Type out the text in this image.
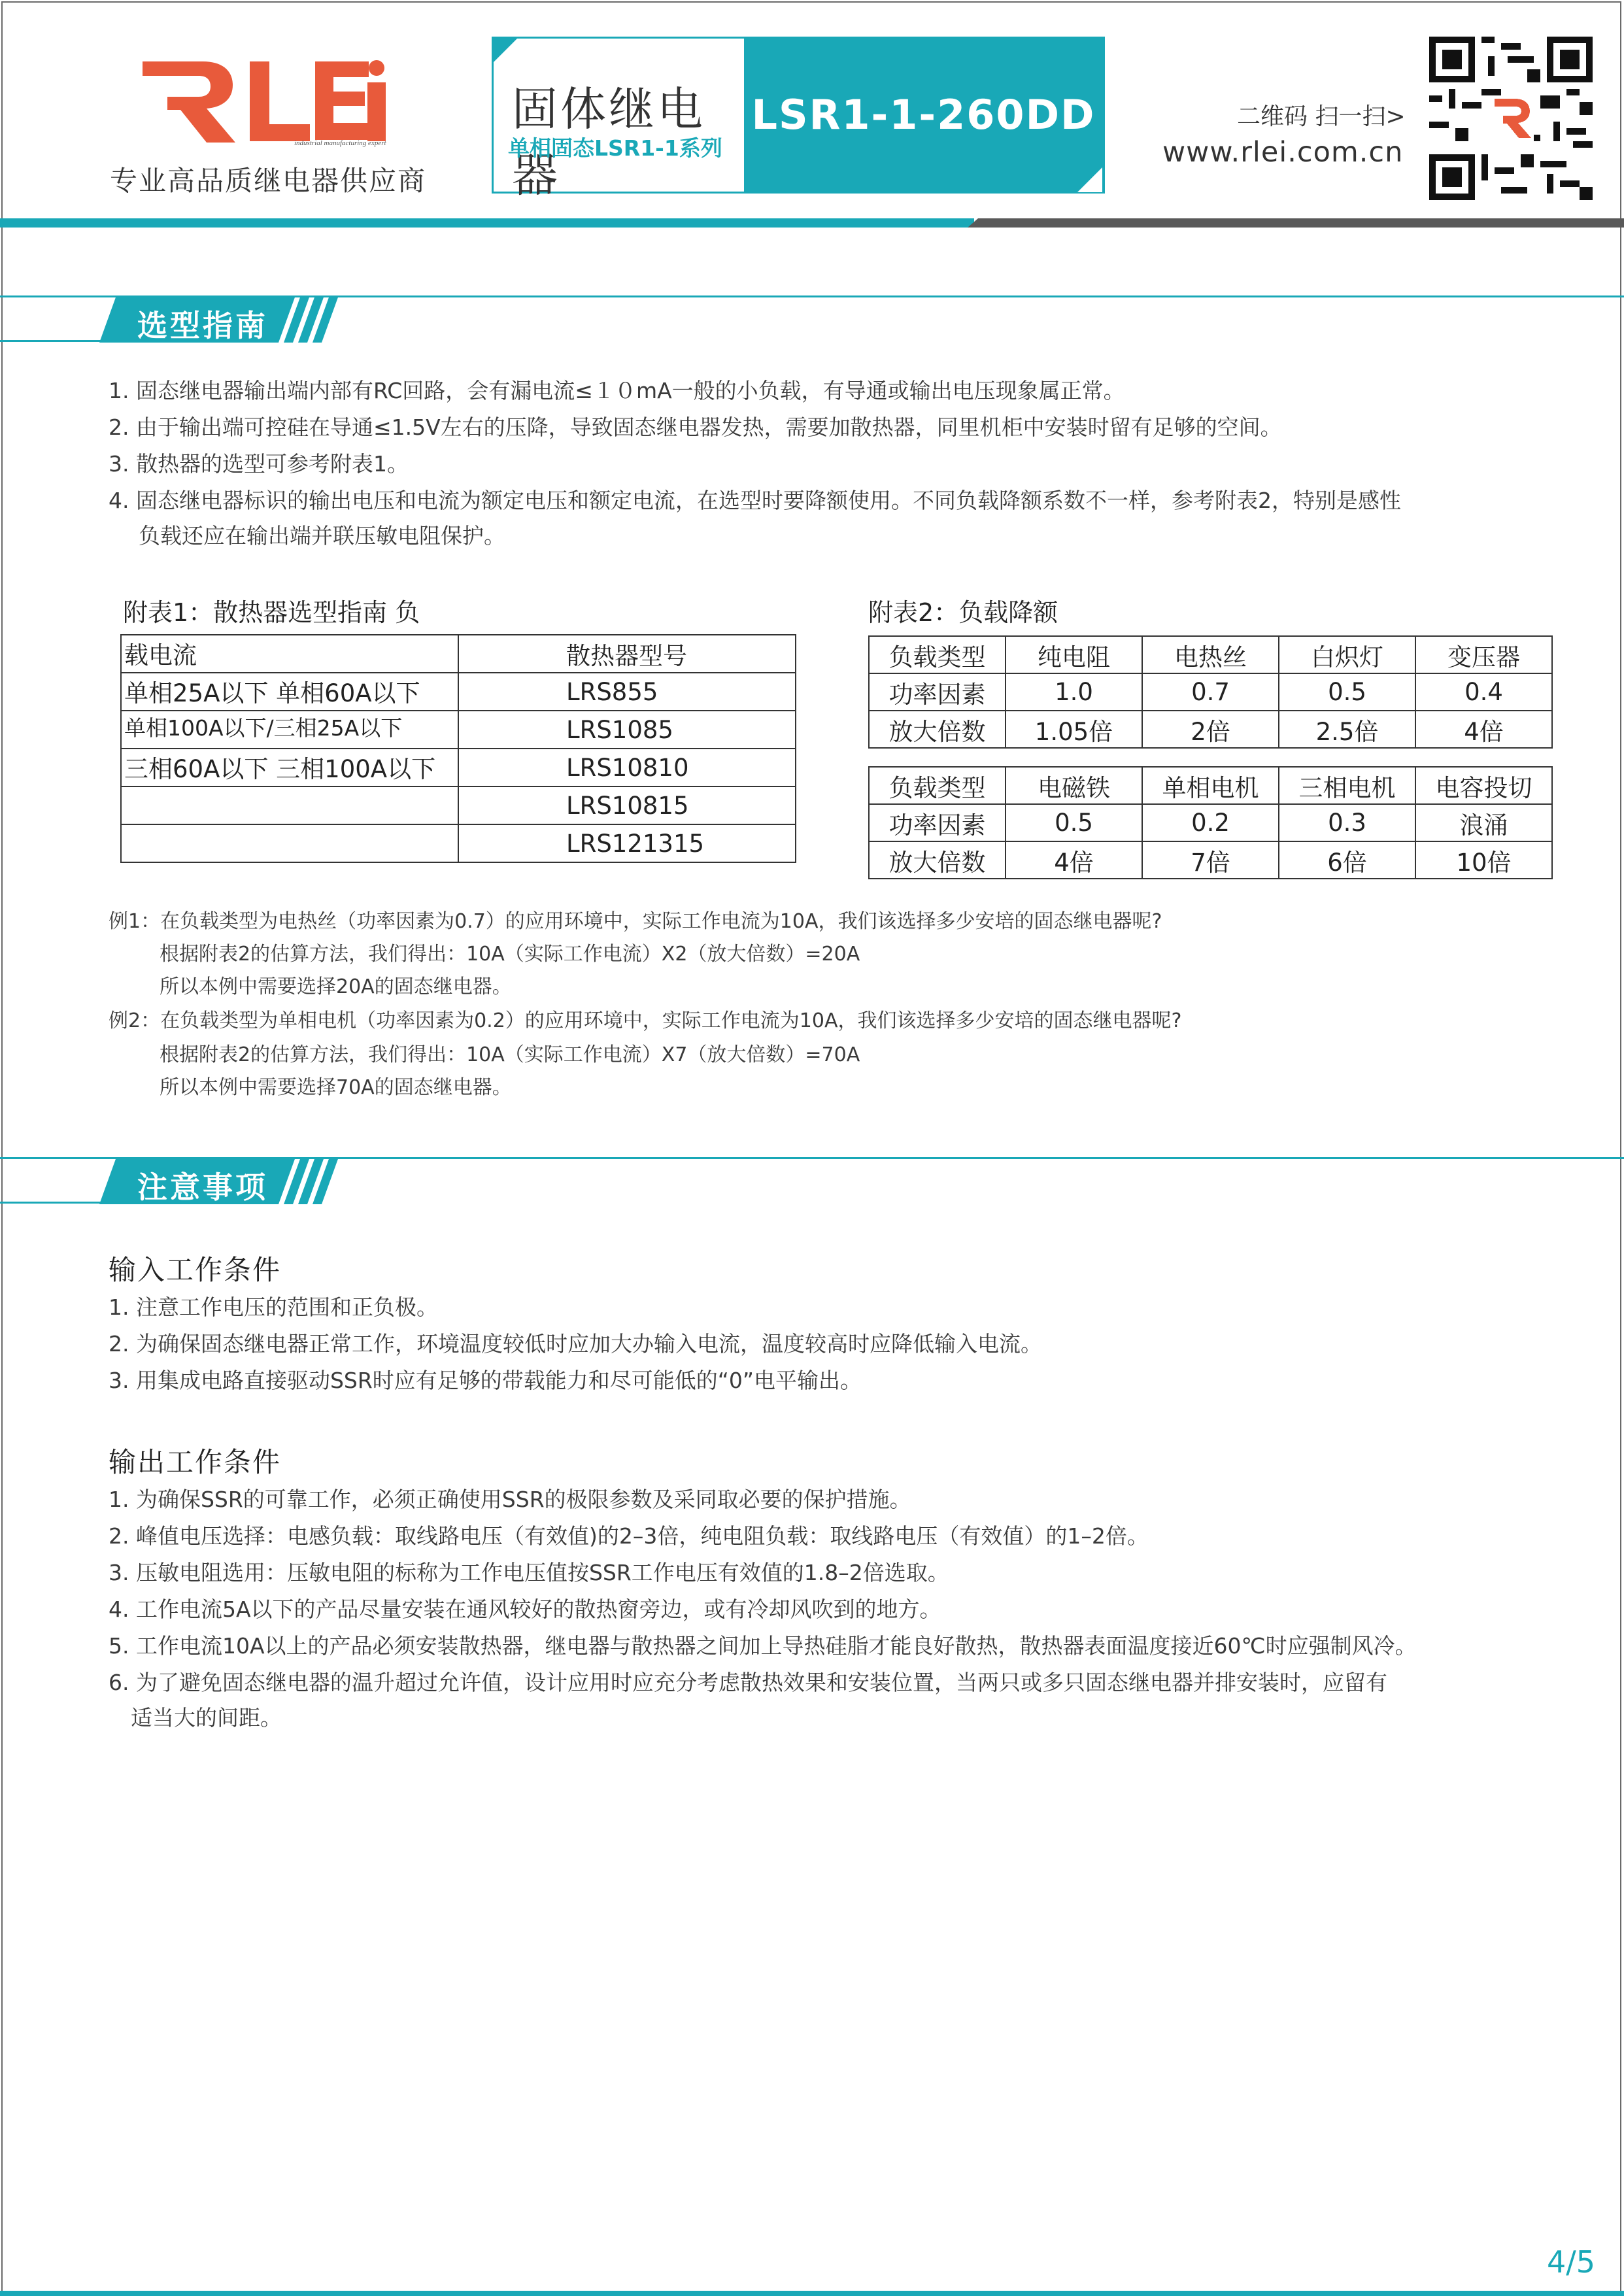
industrial manufacturing expert
专业高品质继电器供应商
固体继电器
单相固态LSR1-1系列
LSR1-1-260DD	二维码 扫一扫>
www.rlei.com.cn
选型指南
1. 固态继电器输出端内部有RC回路，会有漏电流≤１０mA一般的小负载，有导通或输出电压现象属正常。
2. 由于输出端可控硅在导通≤1.5V左右的压降，导致固态继电器发热，需要加散热器，同里机柜中安装时留有足够的空间。
3. 散热器的选型可参考附表1。
4. 固态继电器标识的输出电压和电流为额定电压和额定电流，在选型时要降额使用。不同负载降额系数不一样，参考附表2，特别是感性
负载还应在输出端并联压敏电阻保护。
附表1：散热器选型指南 负
载电流	散热器型号
单相25A以下 单相60A以下	LRS855
单相100A以下/三相25A以下	LRS1085
三相60A以下 三相100A以下	LRS10810
	LRS10815
	LRS121315
附表2：负载降额
负载类型	纯电阻	电热丝	白炽灯	变压器
功率因素	1.0	0.7	0.5	0.4
放大倍数	1.05倍	2倍	2.5倍	4倍
负载类型	电磁铁	单相电机	三相电机	电容投切
功率因素	0.5	0.2	0.3	浪涌
放大倍数	4倍	7倍	6倍	10倍
例1：在负载类型为电热丝（功率因素为0.7）的应用环境中，实际工作电流为10A，我们该选择多少安培的固态继电器呢?
根据附表2的估算方法，我们得出：10A（实际工作电流）X2（放大倍数）=20A
所以本例中需要选择20A的固态继电器。
例2：在负载类型为单相电机（功率因素为0.2）的应用环境中，实际工作电流为10A，我们该选择多少安培的固态继电器呢?
根据附表2的估算方法，我们得出：10A（实际工作电流）X7（放大倍数）=70A
所以本例中需要选择70A的固态继电器。
注意事项
输入工作条件
1. 注意工作电压的范围和正负极。
2. 为确保固态继电器正常工作，环境温度较低时应加大办输入电流，温度较高时应降低输入电流。
3. 用集成电路直接驱动SSR时应有足够的带载能力和尽可能低的“0”电平输出。
输出工作条件
1. 为确保SSR的可靠工作，必须正确使用SSR的极限参数及采同取必要的保护措施。
2. 峰值电压选择：电感负载：取线路电压（有效值)的2–3倍，纯电阻负载：取线路电压（有效值）的1–2倍。
3. 压敏电阻选用：压敏电阻的标称为工作电压值按SSR工作电压有效值的1.8–2倍选取。
4. 工作电流5A以下的产品尽量安装在通风较好的散热窗旁边，或有冷却风吹到的地方。
5. 工作电流10A以上的产品必须安装散热器，继电器与散热器之间加上导热硅脂才能良好散热，散热器表面温度接近60℃时应强制风冷。
6. 为了避免固态继电器的温升超过允许值，设计应用时应充分考虑散热效果和安装位置，当两只或多只固态继电器并排安装时，应留有
适当大的间距。
4/5
